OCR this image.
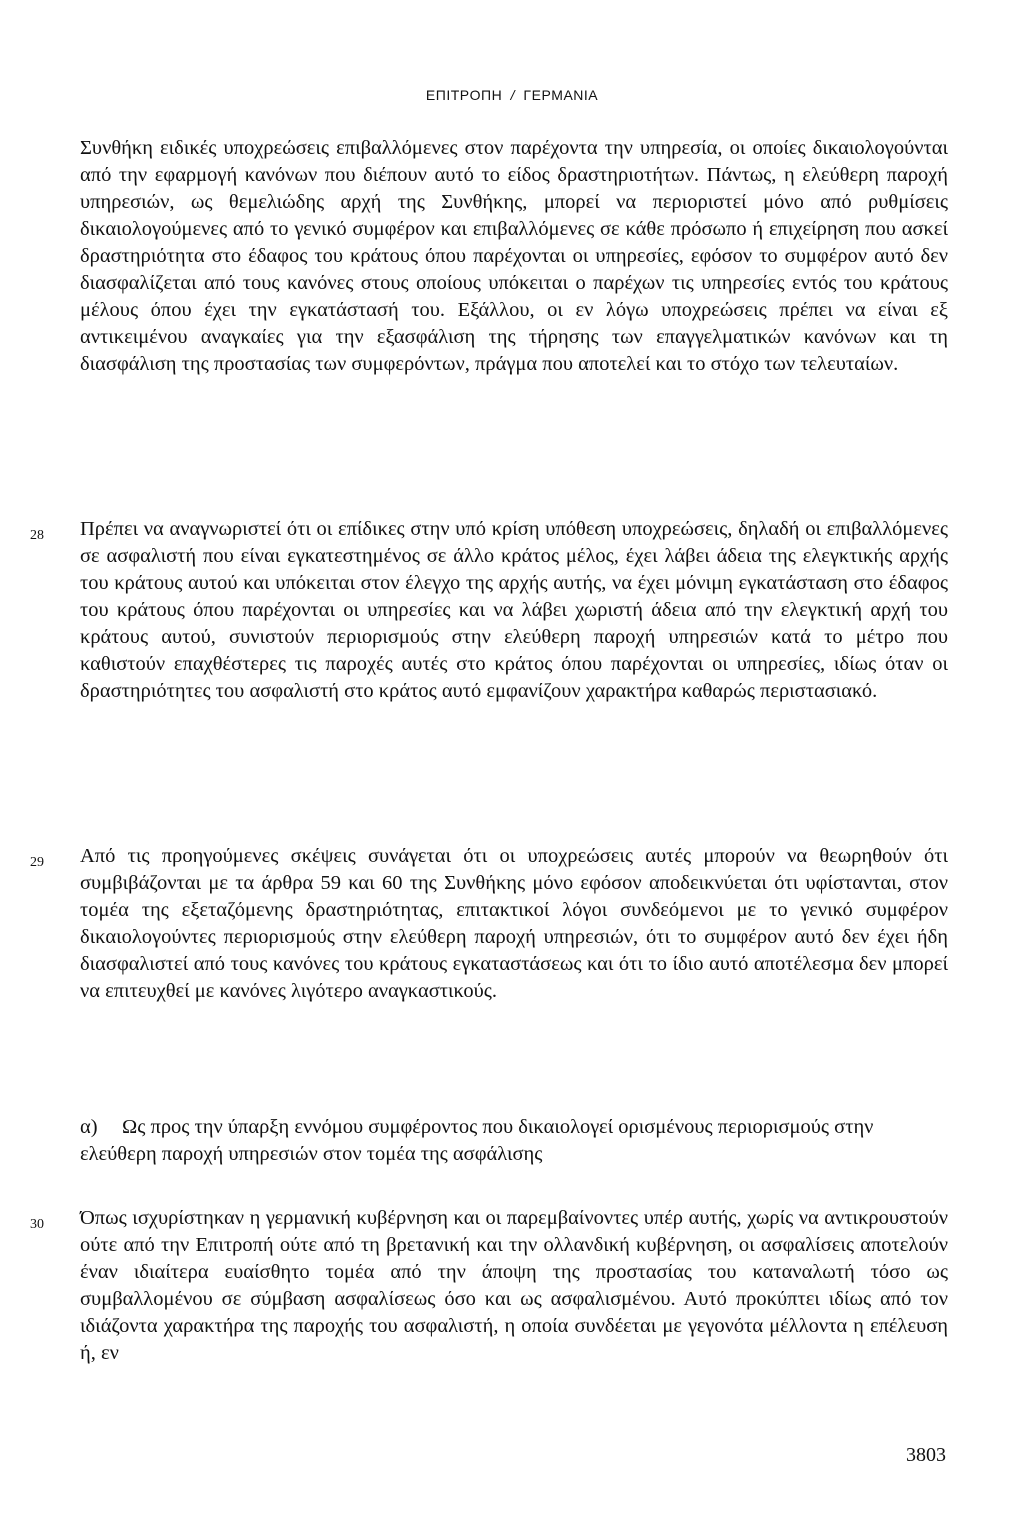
ΕΠΙΤΡΟΠΗ / ΓΕΡΜΑΝΙΑ
Συνθήκη ειδικές υποχρεώσεις επιβαλλόμενες στον παρέχοντα την υπηρεσία, οι οποίες δικαιολογούνται από την εφαρμογή κανόνων που διέπουν αυτό το είδος δραστηριοτήτων. Πάντως, η ελεύθερη παροχή υπηρεσιών, ως θεμελιώδης αρχή της Συνθήκης, μπορεί να περιοριστεί μόνο από ρυθμίσεις δικαιολογούμενες από το γενικό συμφέρον και επιβαλλόμενες σε κάθε πρόσωπο ή επιχείρηση που ασκεί δραστηριότητα στο έδαφος του κράτους όπου παρέχονται οι υπηρεσίες, εφόσον το συμφέρον αυτό δεν διασφαλίζεται από τους κανόνες στους οποίους υπόκειται ο παρέχων τις υπηρεσίες εντός του κράτους μέλους όπου έχει την εγκατάστασή του. Εξάλλου, οι εν λόγω υποχρεώσεις πρέπει να είναι εξ αντικειμένου αναγκαίες για την εξασφάλιση της τήρησης των επαγγελματικών κανόνων και τη διασφάλιση της προστασίας των συμφερόντων, πράγμα που αποτελεί και το στόχο των τελευταίων.
28 Πρέπει να αναγνωριστεί ότι οι επίδικες στην υπό κρίση υπόθεση υποχρεώσεις, δηλαδή οι επιβαλλόμενες σε ασφαλιστή που είναι εγκατεστημένος σε άλλο κράτος μέλος, έχει λάβει άδεια της ελεγκτικής αρχής του κράτους αυτού και υπόκειται στον έλεγχο της αρχής αυτής, να έχει μόνιμη εγκατάσταση στο έδαφος του κράτους όπου παρέχονται οι υπηρεσίες και να λάβει χωριστή άδεια από την ελεγκτική αρχή του κράτους αυτού, συνιστούν περιορισμούς στην ελεύθερη παροχή υπηρεσιών κατά το μέτρο που καθιστούν επαχθέστερες τις παροχές αυτές στο κράτος όπου παρέχονται οι υπηρεσίες, ιδίως όταν οι δραστηριότητες του ασφαλιστή στο κράτος αυτό εμφανίζουν χαρακτήρα καθαρώς περιστασιακό.
29 Από τις προηγούμενες σκέψεις συνάγεται ότι οι υποχρεώσεις αυτές μπορούν να θεωρηθούν ότι συμβιβάζονται με τα άρθρα 59 και 60 της Συνθήκης μόνο εφόσον αποδεικνύεται ότι υφίστανται, στον τομέα της εξεταζόμενης δραστηριότητας, επιτακτικοί λόγοι συνδεόμενοι με το γενικό συμφέρον δικαιολογούντες περιορισμούς στην ελεύθερη παροχή υπηρεσιών, ότι το συμφέρον αυτό δεν έχει ήδη διασφαλιστεί από τους κανόνες του κράτους εγκαταστάσεως και ότι το ίδιο αυτό αποτέλεσμα δεν μπορεί να επιτευχθεί με κανόνες λιγότερο αναγκαστικούς.
α) Ως προς την ύπαρξη εννόμου συμφέροντος που δικαιολογεί ορισμένους περιορισμούς στην ελεύθερη παροχή υπηρεσιών στον τομέα της ασφάλισης
30 Όπως ισχυρίστηκαν η γερμανική κυβέρνηση και οι παρεμβαίνοντες υπέρ αυτής, χωρίς να αντικρουστούν ούτε από την Επιτροπή ούτε από τη βρετανική και την ολλανδική κυβέρνηση, οι ασφαλίσεις αποτελούν έναν ιδιαίτερα ευαίσθητο τομέα από την άποψη της προστασίας του καταναλωτή τόσο ως συμβαλλομένου σε σύμβαση ασφαλίσεως όσο και ως ασφαλισμένου. Αυτό προκύπτει ιδίως από τον ιδιάζοντα χαρακτήρα της παροχής του ασφαλιστή, η οποία συνδέεται με γεγονότα μέλλοντα η επέλευση ή, εν
3803
